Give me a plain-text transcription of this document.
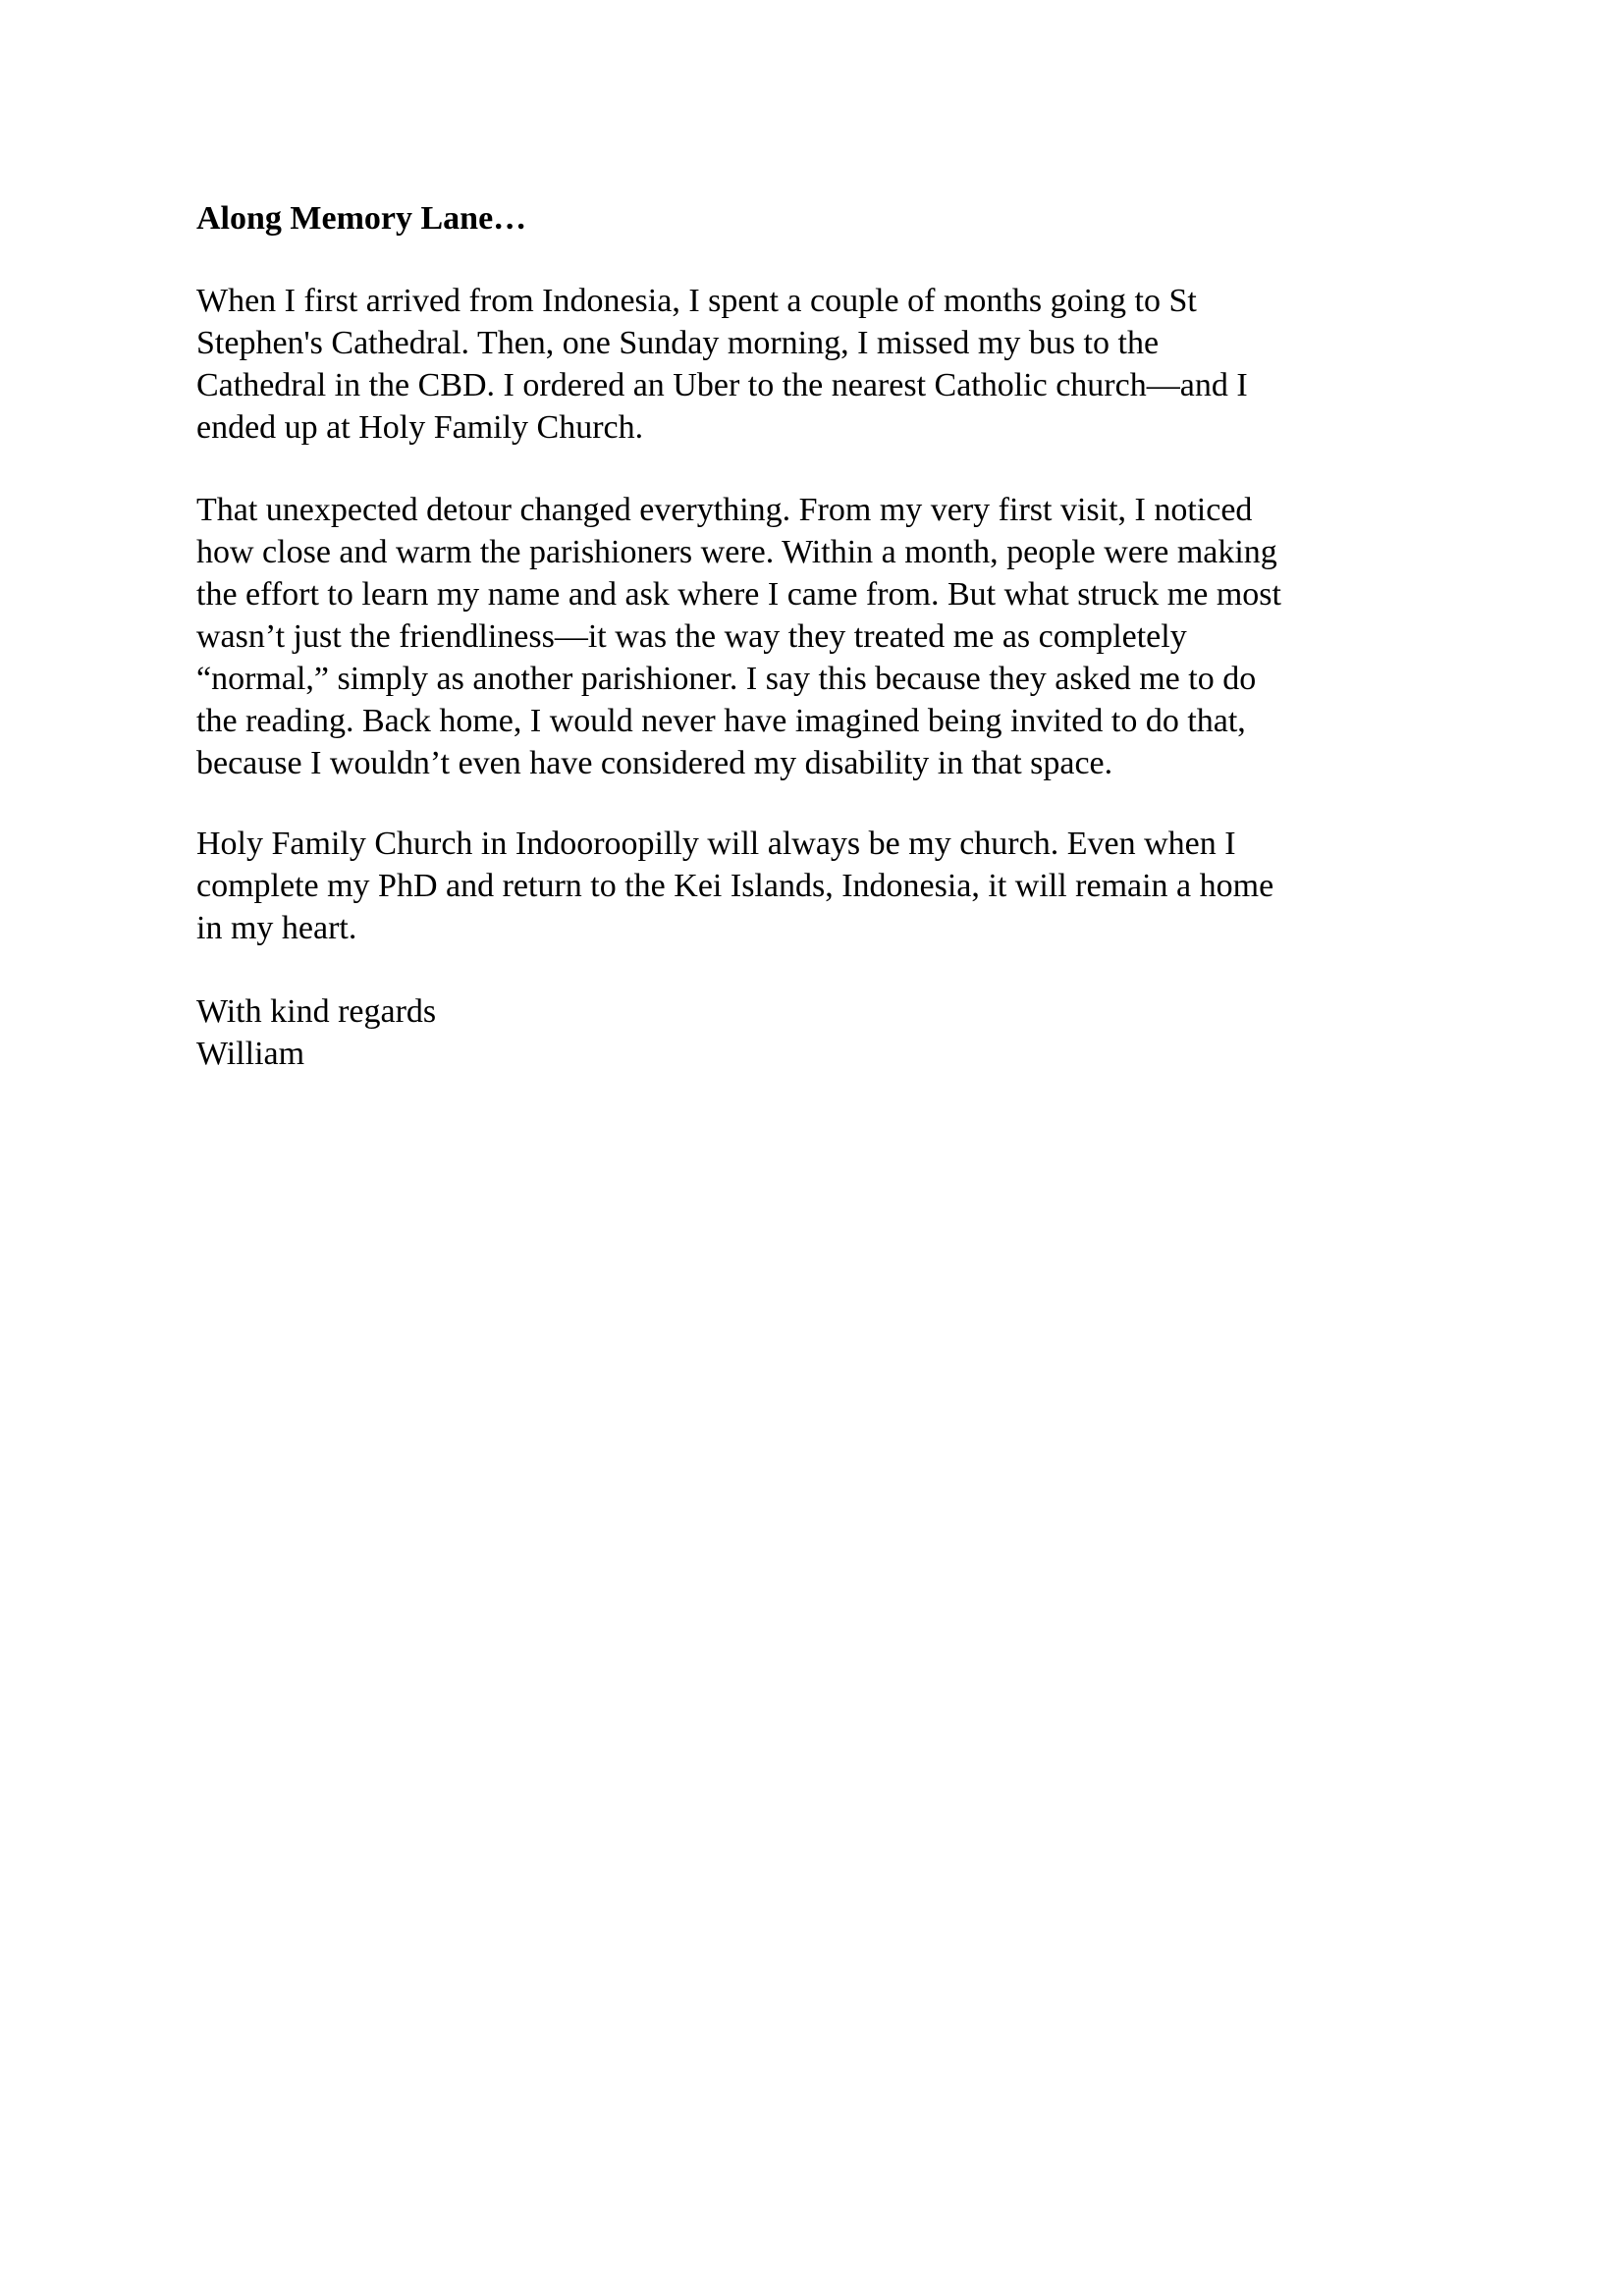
Along Memory Lane…
When I first arrived from Indonesia, I spent a couple of months going to St
Stephen's Cathedral. Then, one Sunday morning, I missed my bus to the
Cathedral in the CBD. I ordered an Uber to the nearest Catholic church—and I
ended up at Holy Family Church.
That unexpected detour changed everything. From my very first visit, I noticed
how close and warm the parishioners were. Within a month, people were making
the effort to learn my name and ask where I came from. But what struck me most
wasn’t just the friendliness—it was the way they treated me as completely
“normal,” simply as another parishioner. I say this because they asked me to do
the reading. Back home, I would never have imagined being invited to do that,
because I wouldn’t even have considered my disability in that space.
Holy Family Church in Indooroopilly will always be my church. Even when I
complete my PhD and return to the Kei Islands, Indonesia, it will remain a home
in my heart.
With kind regards
William
